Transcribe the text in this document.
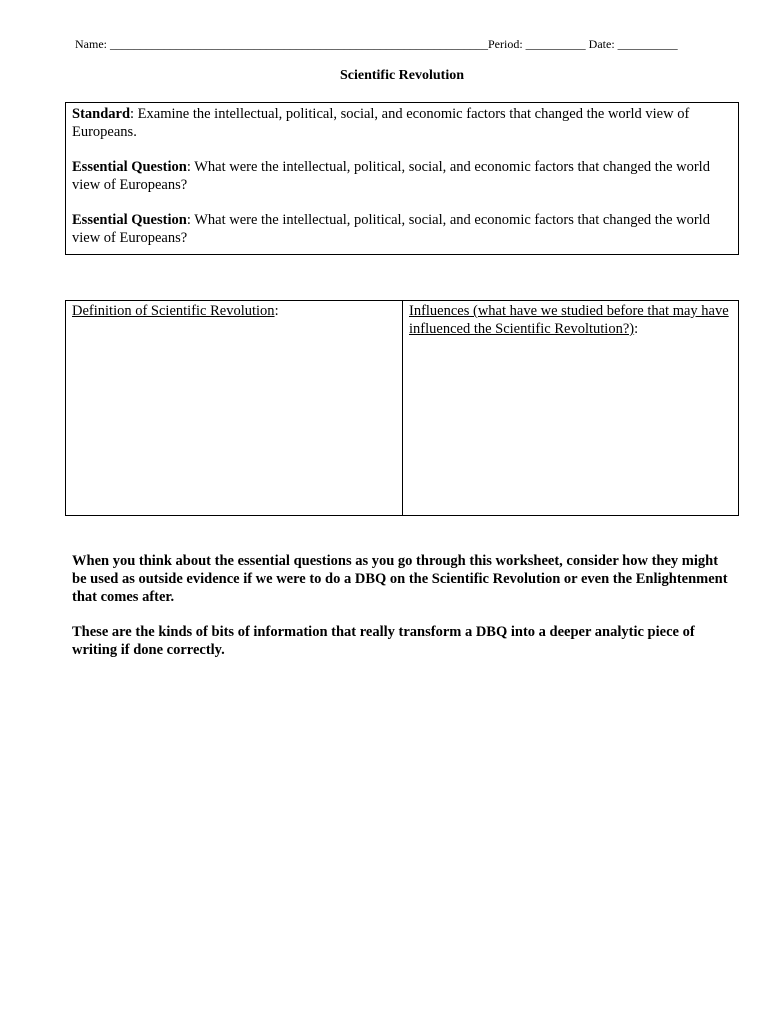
Name: _______________________________________________________________Period: __________ Date: __________
Scientific Revolution

Standard: Examine the intellectual, political, social, and economic factors that changed the world view of Europeans.

Essential Question: What were the intellectual, political, social, and economic factors that changed the world view of Europeans?

Essential Question: What were the intellectual, political, social, and economic factors that changed the world view of Europeans?

Definition of Scientific Revolution:	Influences (what have we studied before that may have influenced the Scientific Revoltution?):
When you think about the essential questions as you go through this worksheet, consider how they might be used as outside evidence if we were to do a DBQ on the Scientific Revolution or even the Enlightenment that comes after.
These are the kinds of bits of information that really transform a DBQ into a deeper analytic piece of writing if done correctly.
